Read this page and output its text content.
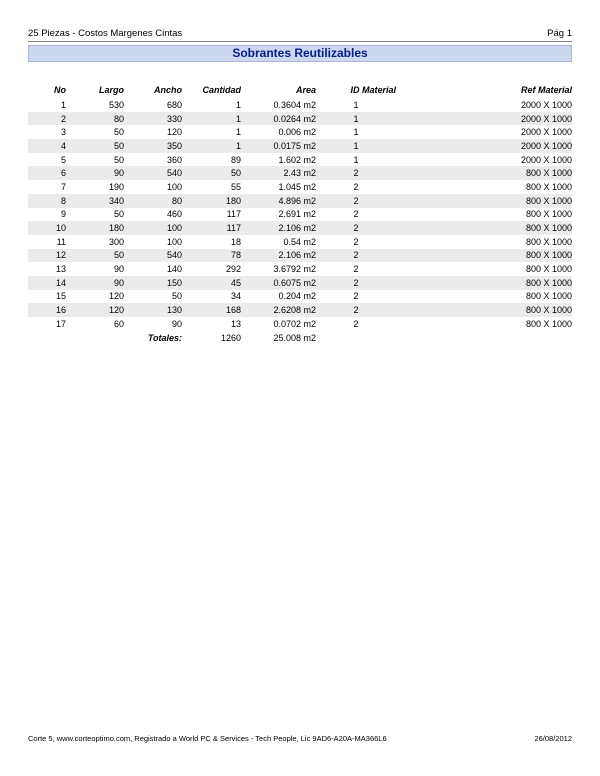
25 Piezas - Costos Margenes Cintas	Pág 1
Sobrantes Reutilizables
No	Largo	Ancho	Cantidad	Area	ID Material	Ref Material
1	530	680	1	0.3604 m2	1	2000 X 1000
2	80	330	1	0.0264 m2	1	2000 X 1000
3	50	120	1	0.006 m2	1	2000 X 1000
4	50	350	1	0.0175 m2	1	2000 X 1000
5	50	360	89	1.602 m2	1	2000 X 1000
6	90	540	50	2.43 m2	2	800 X 1000
7	190	100	55	1.045 m2	2	800 X 1000
8	340	80	180	4.896 m2	2	800 X 1000
9	50	460	117	2.691 m2	2	800 X 1000
10	180	100	117	2.106 m2	2	800 X 1000
11	300	100	18	0.54 m2	2	800 X 1000
12	50	540	78	2.106 m2	2	800 X 1000
13	90	140	292	3.6792 m2	2	800 X 1000
14	90	150	45	0.6075 m2	2	800 X 1000
15	120	50	34	0.204 m2	2	800 X 1000
16	120	130	168	2.6208 m2	2	800 X 1000
17	60	90	13	0.0702 m2	2	800 X 1000
		Totales:	1260	25.008 m2		
Corte 5, www.corteoptimo.com, Registrado a World PC & Services - Tech People, Lic 9AD6-A20A-MA366L6	26/08/2012
